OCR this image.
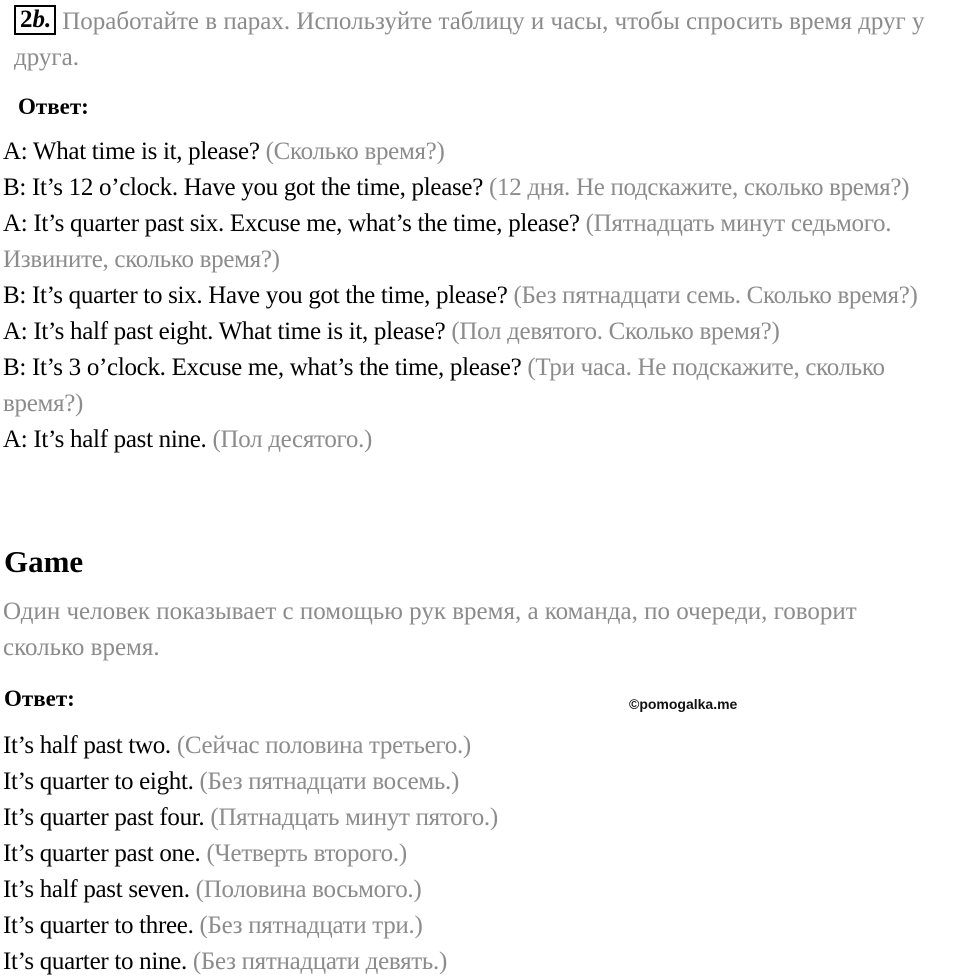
2b. Поработайте в парах. Используйте таблицу и часы, чтобы спросить время друг у друга.
Ответ:
A: What time is it, please? (Сколько время?)
B: It’s 12 o’clock. Have you got the time, please? (12 дня. Не подскажите, сколько время?)
A: It’s quarter past six. Excuse me, what’s the time, please? (Пятнадцать минут седьмого. Извините, сколько время?)
B: It’s quarter to six. Have you got the time, please? (Без пятнадцати семь. Сколько время?)
A: It’s half past eight. What time is it, please? (Пол девятого. Сколько время?)
B: It’s 3 o’clock. Excuse me, what’s the time, please? (Три часа. Не подскажите, сколько время?)
A: It’s half past nine. (Пол десятого.)
Game
Один человек показывает с помощью рук время, а команда, по очереди, говорит сколько время.
Ответ:	©pomogalka.me
It’s half past two. (Сейчас половина третьего.)
It’s quarter to eight. (Без пятнадцати восемь.)
It’s quarter past four. (Пятнадцать минут пятого.)
It’s quarter past one. (Четверть второго.)
It’s half past seven. (Половина восьмого.)
It’s quarter to three. (Без пятнадцати три.)
It’s quarter to nine. (Без пятнадцати девять.)
